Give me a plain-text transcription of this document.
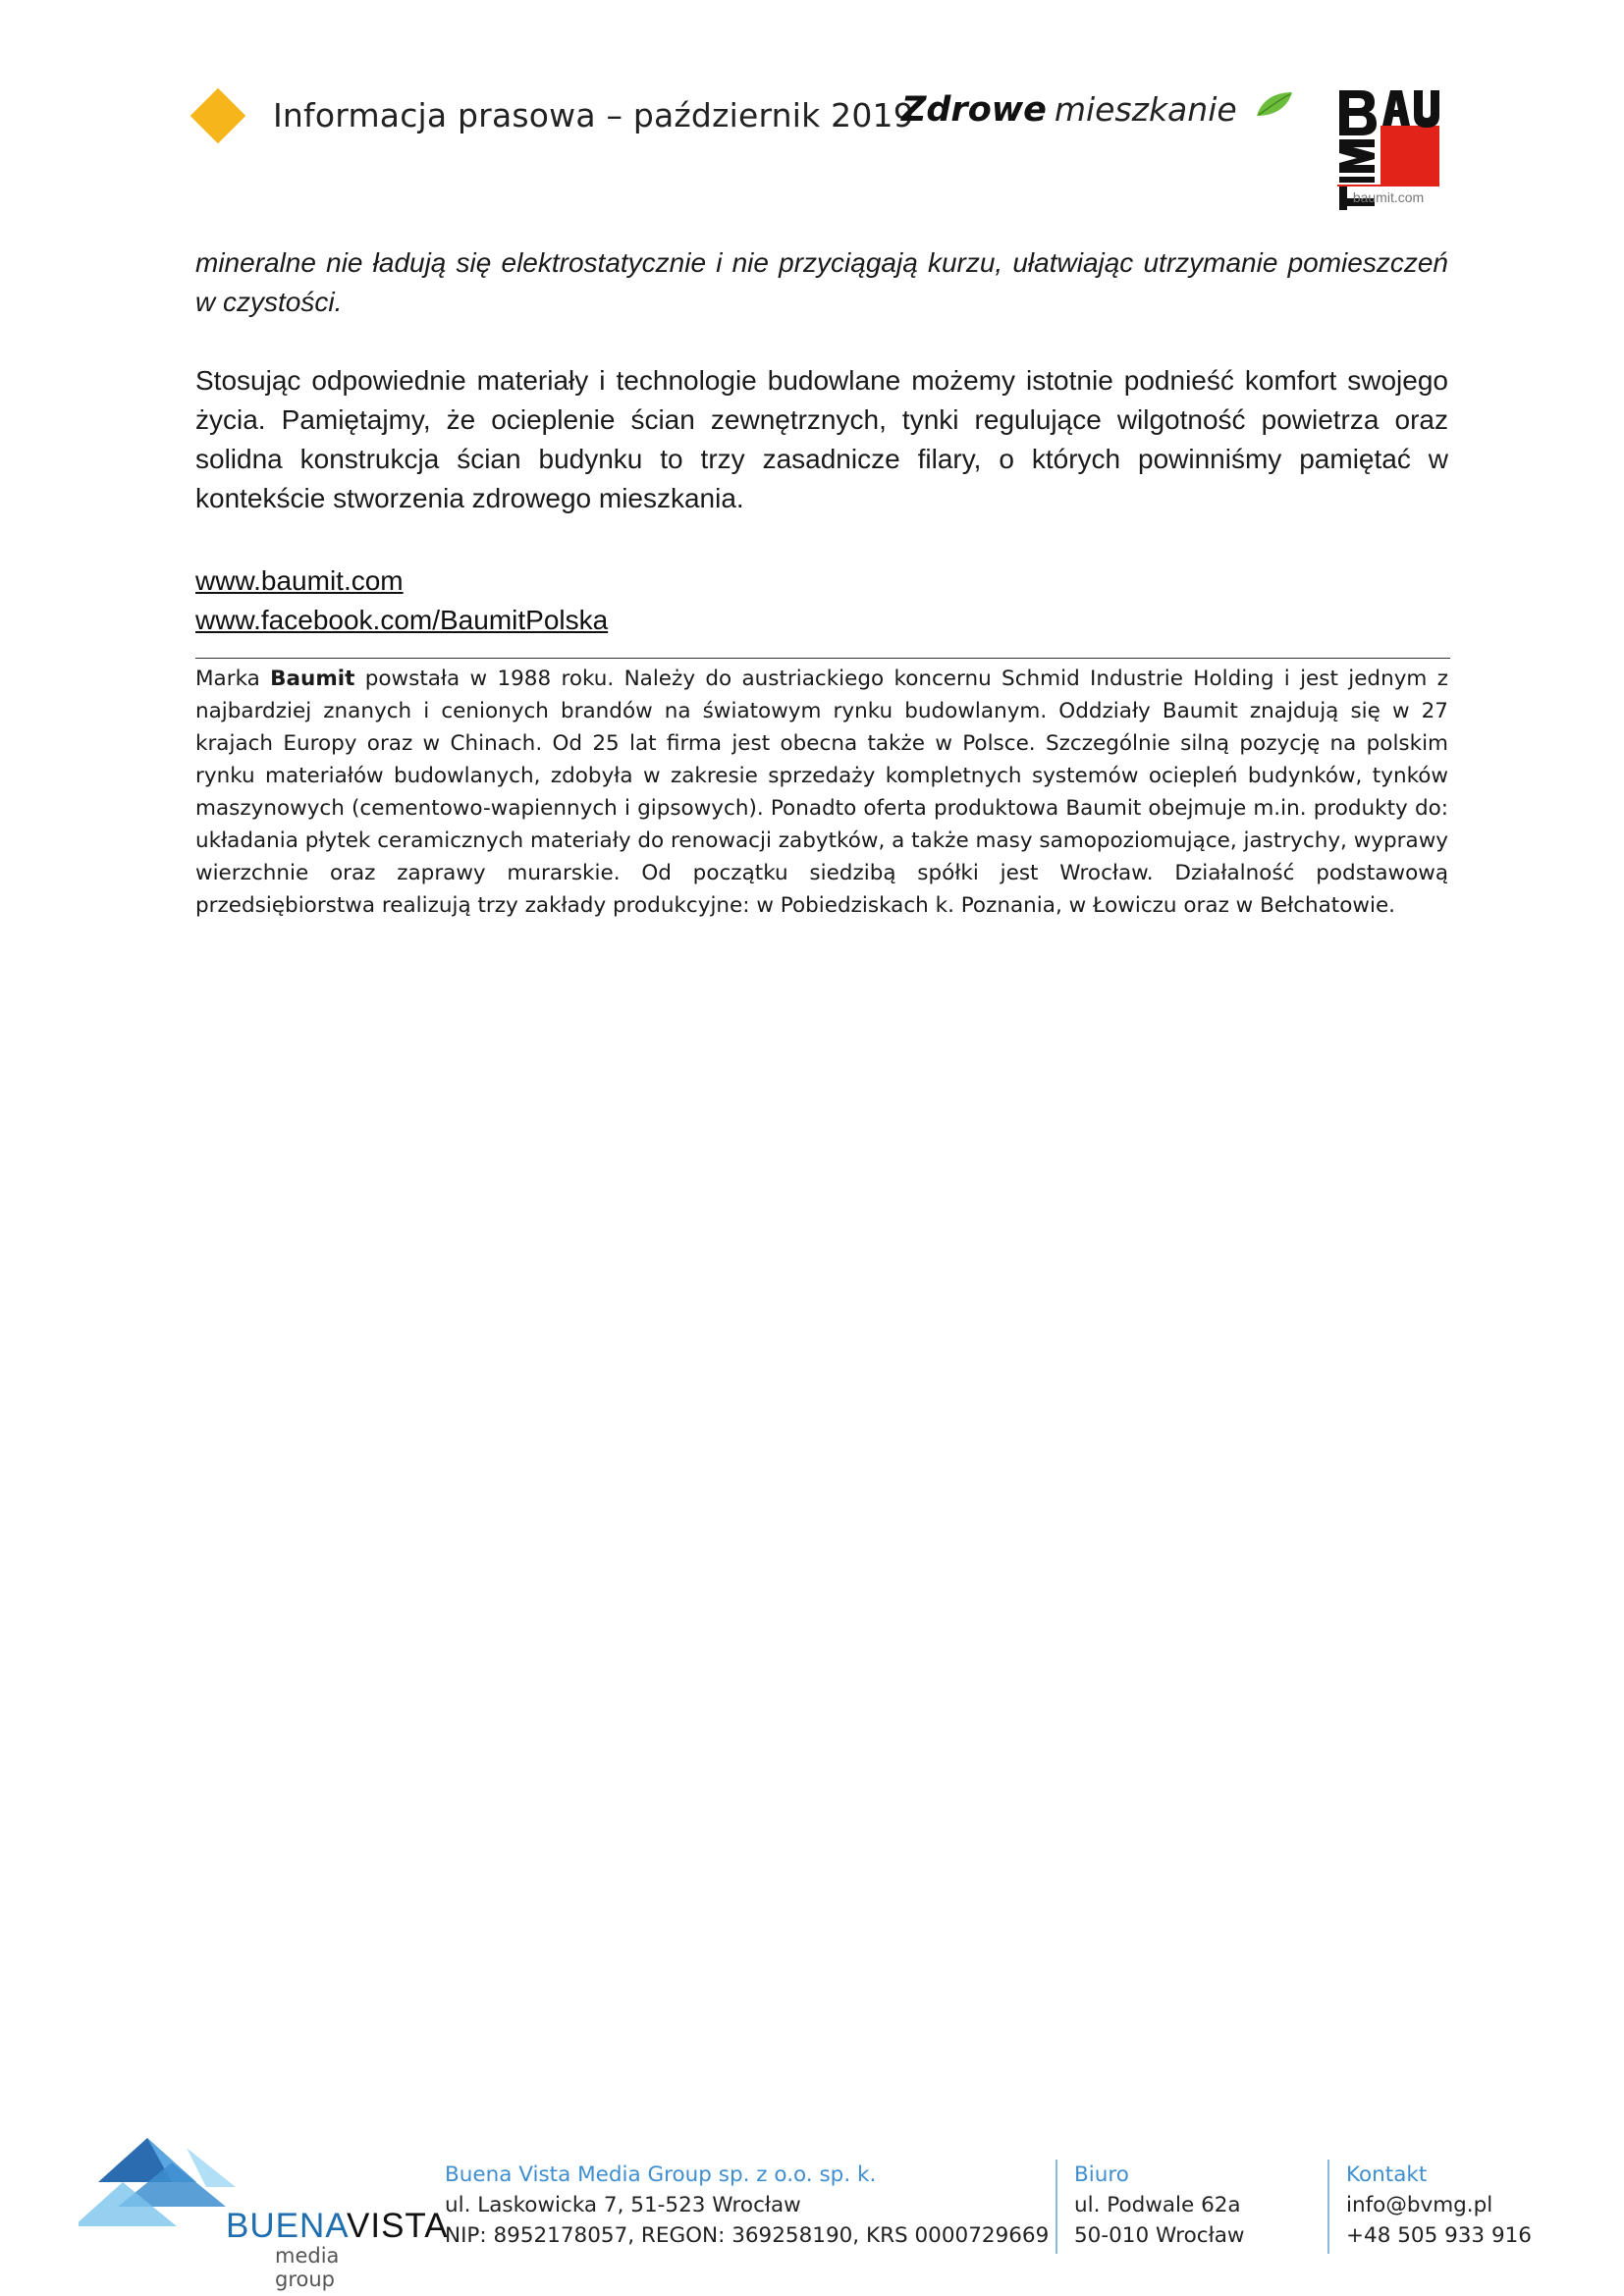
Informacja prasowa – październik 2019
Zdrowe mieszkanie
baumit.com

mineralne nie ładują się elektrostatycznie i nie przyciągają kurzu, ułatwiając utrzymanie pomieszczeń w czystości.

Stosując odpowiednie materiały i technologie budowlane możemy istotnie podnieść komfort swojego życia. Pamiętajmy, że ocieplenie ścian zewnętrznych, tynki regulujące wilgotność powietrza oraz solidna konstrukcja ścian budynku to trzy zasadnicze filary, o których powinniśmy pamiętać w kontekście stworzenia zdrowego mieszkania.

www.baumit.com
www.facebook.com/BaumitPolska

Marka Baumit powstała w 1988 roku. Należy do austriackiego koncernu Schmid Industrie Holding i jest jednym z najbardziej znanych i cenionych brandów na światowym rynku budowlanym. Oddziały Baumit znajdują się w 27 krajach Europy oraz w Chinach. Od 25 lat firma jest obecna także w Polsce. Szczególnie silną pozycję na polskim rynku materiałów budowlanych, zdobyła w zakresie sprzedaży kompletnych systemów ociepleń budynków, tynków maszynowych (cementowo-wapiennych i gipsowych). Ponadto oferta produktowa Baumit obejmuje m.in. produkty do: układania płytek ceramicznych materiały do renowacji zabytków, a także masy samopoziomujące, jastrychy, wyprawy wierzchnie oraz zaprawy murarskie. Od początku siedzibą spółki jest Wrocław. Działalność podstawową przedsiębiorstwa realizują trzy zakłady produkcyjne: w Pobiedziskach k. Poznania, w Łowiczu oraz w Bełchatowie.

BUENAVISTA
media group
Buena Vista Media Group sp. z o.o. sp. k.
ul. Laskowicka 7, 51-523 Wrocław
NIP: 8952178057, REGON: 369258190, KRS 0000729669
Biuro
ul. Podwale 62a
50-010 Wrocław
Kontakt
info@bvmg.pl
+48 505 933 916
